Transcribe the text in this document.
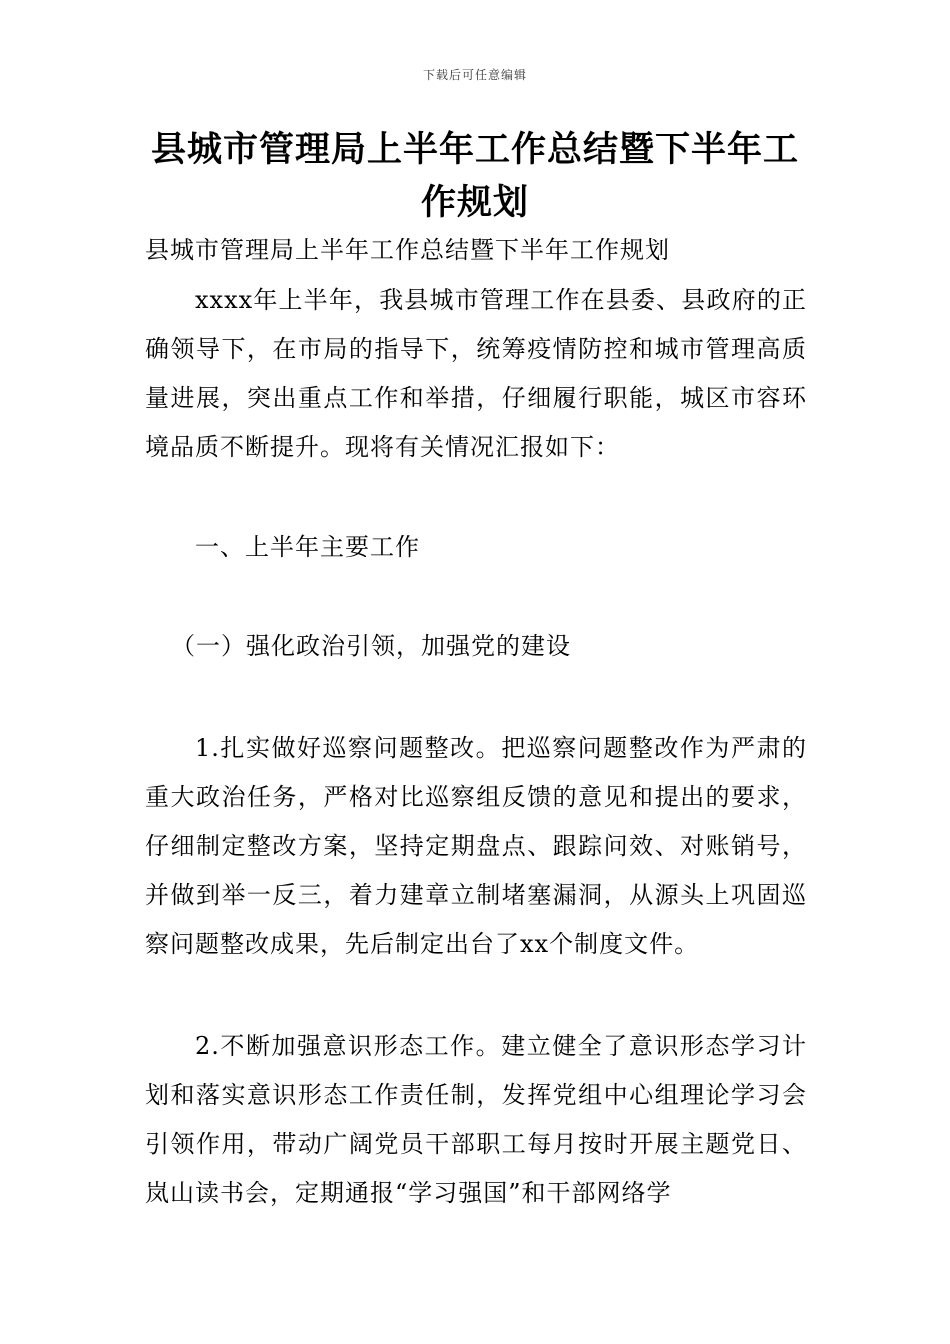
下载后可任意编辑
县城市管理局上半年工作总结暨下半年工作规划

县城市管理局上半年工作总结暨下半年工作规划

xxxx年上半年，我县城市管理工作在县委、县政府的正确领导下，在市局的指导下，统筹疫情防控和城市管理高质量进展，突出重点工作和举措，仔细履行职能，城区市容环境品质不断提升。现将有关情况汇报如下：

一、上半年主要工作

（一）强化政治引领，加强党的建设

1.扎实做好巡察问题整改。把巡察问题整改作为严肃的重大政治任务，严格对比巡察组反馈的意见和提出的要求，仔细制定整改方案，坚持定期盘点、跟踪问效、对账销号，并做到举一反三，着力建章立制堵塞漏洞，从源头上巩固巡察问题整改成果，先后制定出台了xx个制度文件。

2.不断加强意识形态工作。建立健全了意识形态学习计划和落实意识形态工作责任制，发挥党组中心组理论学习会引领作用，带动广阔党员干部职工每月按时开展主题党日、岚山读书会，定期通报“学习强国”和干部网络学
